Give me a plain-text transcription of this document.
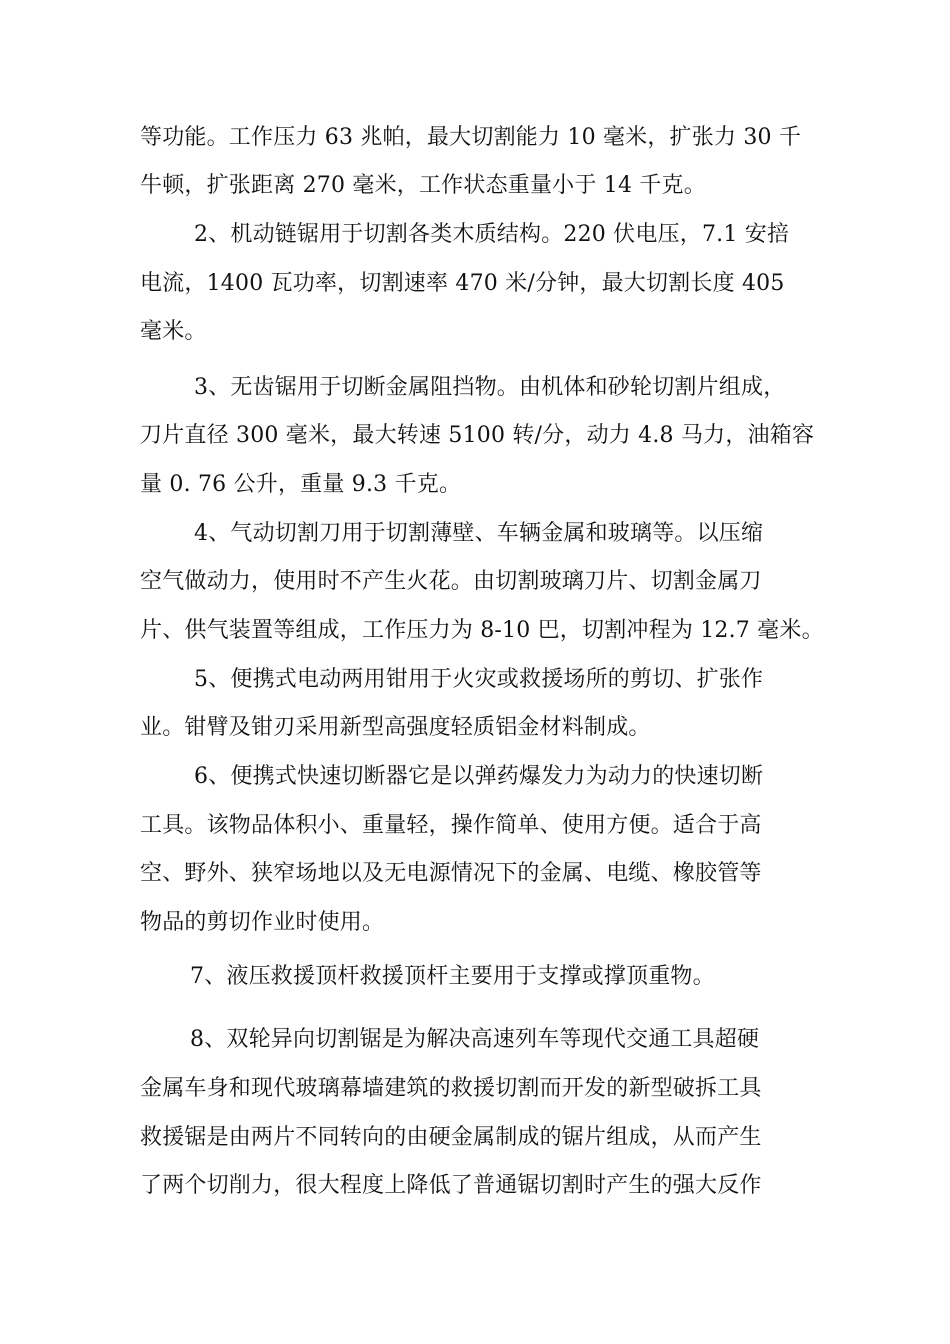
等功能。工作压力 63 兆帕，最大切割能力 10 毫米，扩张力 30 千
牛顿，扩张距离 270 毫米，工作状态重量小于 14 千克。
2、机动链锯用于切割各类木质结构。220 伏电压，7.1 安掊
电流，1400 瓦功率，切割速率 470 米/分钟，最大切割长度 405
毫米。
3、无齿锯用于切断金属阻挡物。由机体和砂轮切割片组成，
刀片直径 300 毫米，最大转速 5100 转/分，动力 4.8 马力，油箱容
量 0. 76 公升，重量 9.3 千克。
4、气动切割刀用于切割薄壁、车辆金属和玻璃等。以压缩
空气做动力，使用时不产生火花。由切割玻璃刀片、切割金属刀
片、供气装置等组成，工作压力为 8-10 巴，切割冲程为 12.7 毫米。
5、便携式电动两用钳用于火灾或救援场所的剪切、扩张作
业。钳臂及钳刃采用新型高强度轻质铝金材料制成。
6、便携式快速切断器它是以弹药爆发力为动力的快速切断
工具。该物品体积小、重量轻，操作简单、使用方便。适合于高
空、野外、狭窄场地以及无电源情况下的金属、电缆、橡胶管等
物品的剪切作业时使用。
7、液压救援顶杆救援顶杆主要用于支撑或撑顶重物。
8、双轮异向切割锯是为解决高速列车等现代交通工具超硬
金属车身和现代玻璃幕墙建筑的救援切割而开发的新型破拆工具
救援锯是由两片不同转向的由硬金属制成的锯片组成，从而产生
了两个切削力，很大程度上降低了普通锯切割时产生的强大反作
